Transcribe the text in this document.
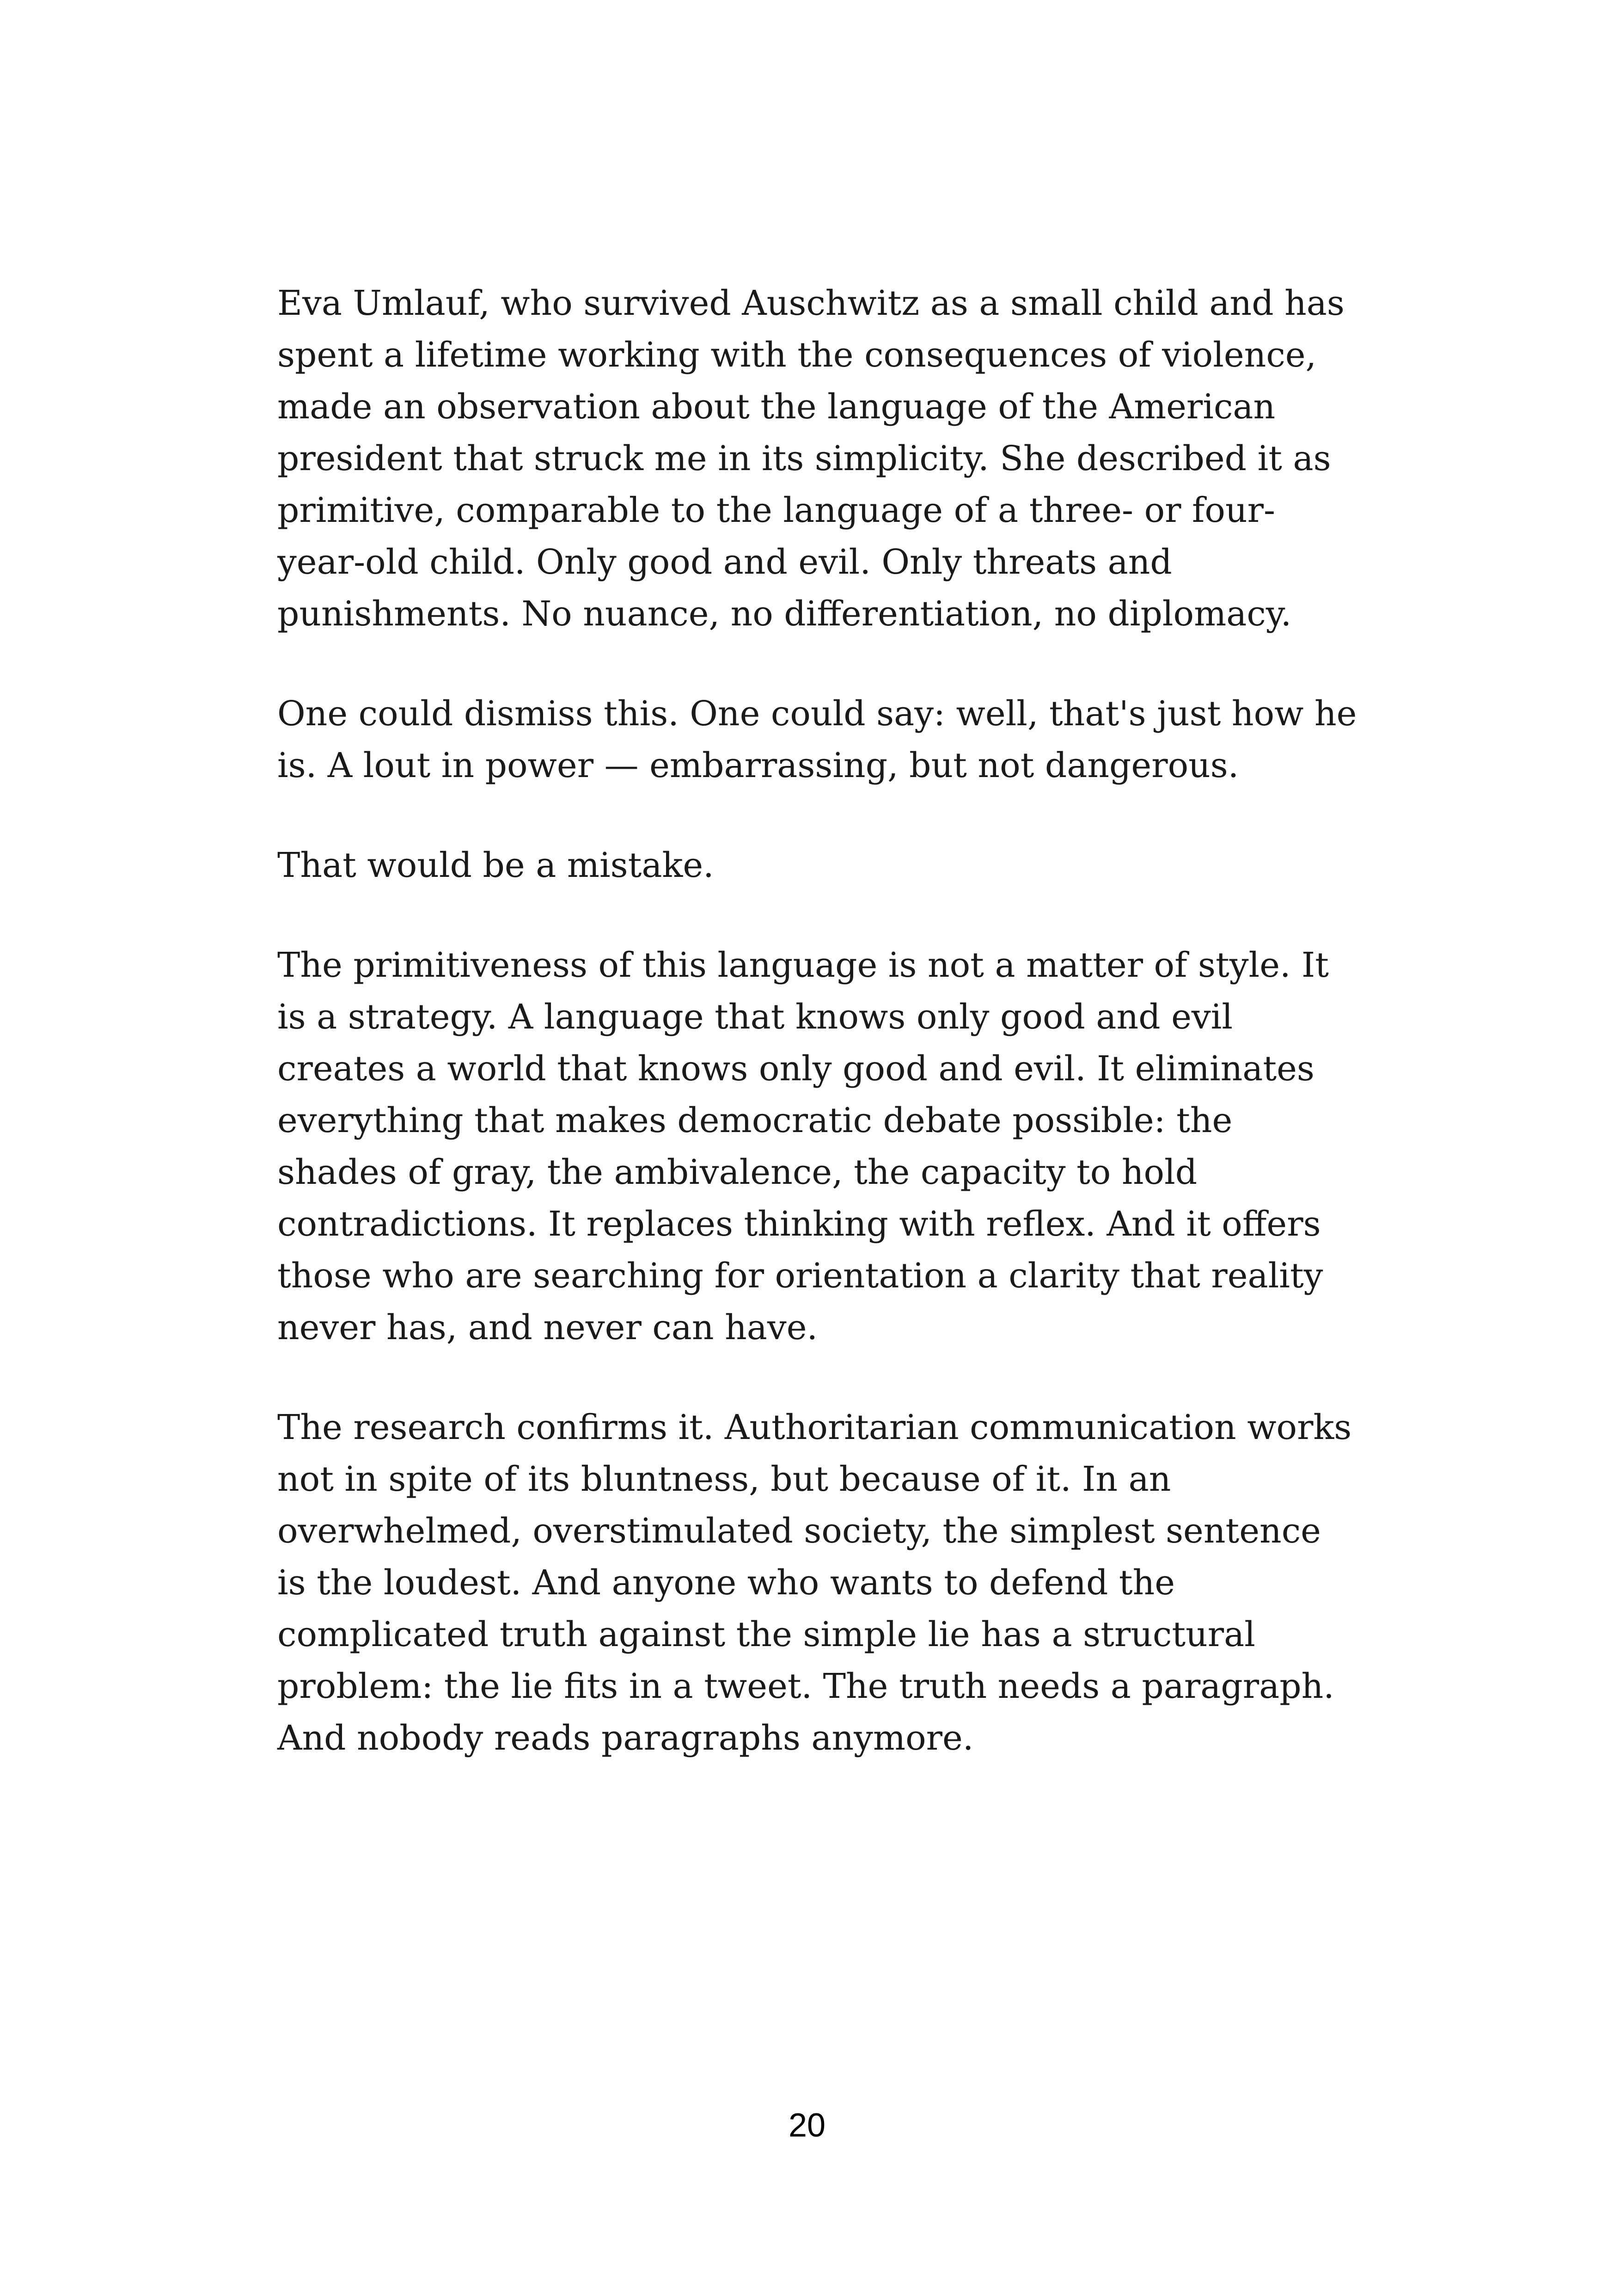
Eva Umlauf, who survived Auschwitz as a small child and has spent a lifetime working with the consequences of violence, made an observation about the language of the American president that struck me in its simplicity. She described it as primitive, comparable to the language of a three- or four-year-old child. Only good and evil. Only threats and punishments. No nuance, no differentiation, no diplomacy.

One could dismiss this. One could say: well, that's just how he is. A lout in power — embarrassing, but not dangerous.

That would be a mistake.

The primitiveness of this language is not a matter of style. It is a strategy. A language that knows only good and evil creates a world that knows only good and evil. It eliminates everything that makes democratic debate possible: the shades of gray, the ambivalence, the capacity to hold contradictions. It replaces thinking with reflex. And it offers those who are searching for orientation a clarity that reality never has, and never can have.

The research confirms it. Authoritarian communication works not in spite of its bluntness, but because of it. In an overwhelmed, overstimulated society, the simplest sentence is the loudest. And anyone who wants to defend the complicated truth against the simple lie has a structural problem: the lie fits in a tweet. The truth needs a paragraph. And nobody reads paragraphs anymore.

20
